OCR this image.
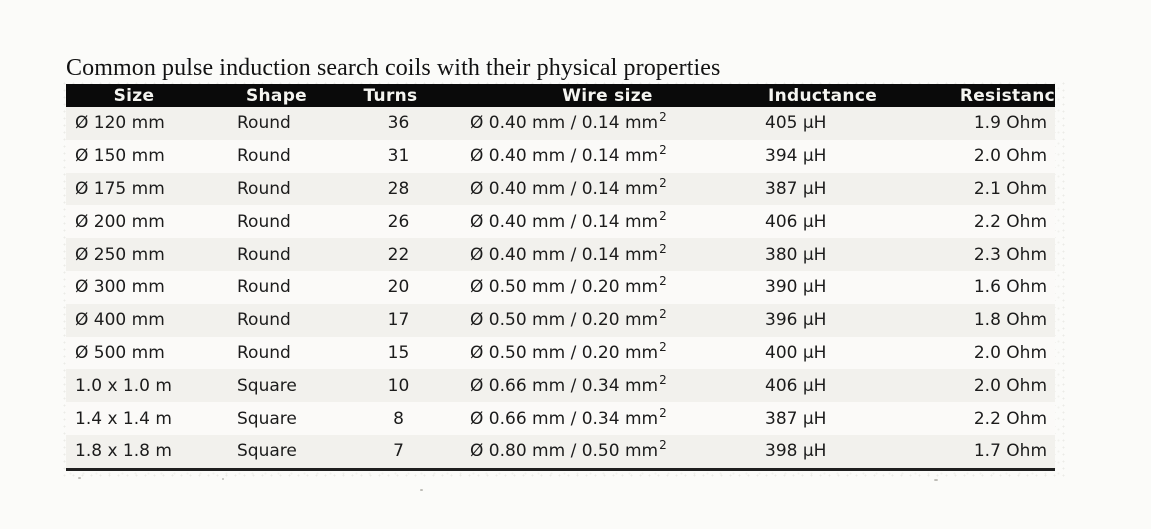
Common pulse induction search coils with their physical properties
Size	Shape	Turns	Wire size	Inductance	Resistanc
Ø 120 mm	Round	36	Ø 0.40 mm / 0.14 $mm^2$	405 µH	1.9 Ohm
Ø 150 mm	Round	31	Ø 0.40 mm / 0.14 $mm^2$	394 µH	2.0 Ohm
Ø 175 mm	Round	28	Ø 0.40 mm / 0.14 $mm^2$	387 µH	2.1 Ohm
Ø 200 mm	Round	26	Ø 0.40 mm / 0.14 $mm^2$	406 µH	2.2 Ohm
Ø 250 mm	Round	22	Ø 0.40 mm / 0.14 $mm^2$	380 µH	2.3 Ohm
Ø 300 mm	Round	20	Ø 0.50 mm / 0.20 $mm^2$	390 µH	1.6 Ohm
Ø 400 mm	Round	17	Ø 0.50 mm / 0.20 $mm^2$	396 µH	1.8 Ohm
Ø 500 mm	Round	15	Ø 0.50 mm / 0.20 $mm^2$	400 µH	2.0 Ohm
1.0 x 1.0 m	Square	10	Ø 0.66 mm / 0.34 $mm^2$	406 µH	2.0 Ohm
1.4 x 1.4 m	Square	8	Ø 0.66 mm / 0.34 $mm^2$	387 µH	2.2 Ohm
1.8 x 1.8 m	Square	7	Ø 0.80 mm / 0.50 $mm^2$	398 µH	1.7 Ohm
